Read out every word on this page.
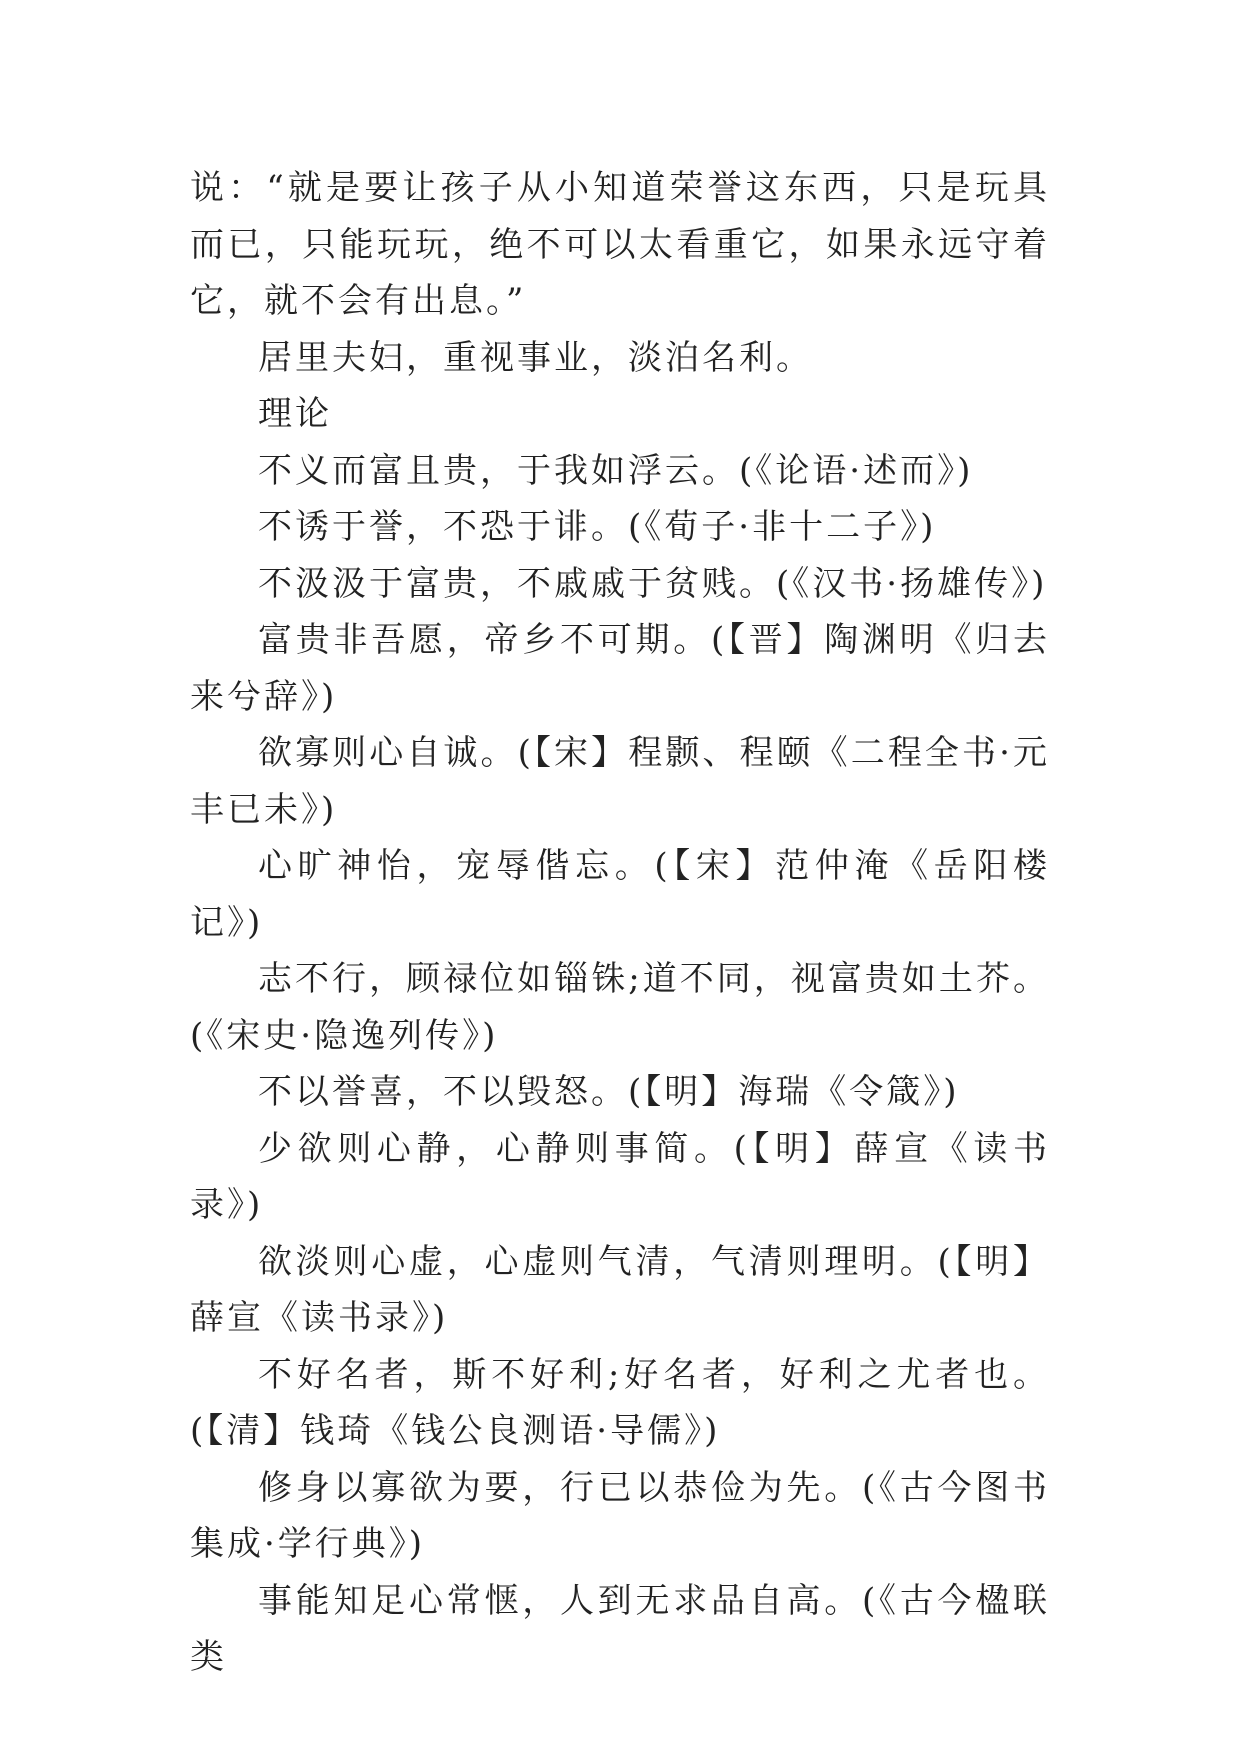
说：“就是要让孩子从小知道荣誉这东西，只是玩具而已，只能玩玩，绝不可以太看重它，如果永远守着它，就不会有出息。”

居里夫妇，重视事业，淡泊名利。

理论

不义而富且贵，于我如浮云。(《论语·述而》)

不诱于誉，不恐于诽。(《荀子·非十二子》)

不汲汲于富贵，不戚戚于贫贱。(《汉书·扬雄传》)

富贵非吾愿，帝乡不可期。(【晋】陶渊明《归去来兮辞》)

欲寡则心自诚。(【宋】程颢、程颐《二程全书·元丰已未》)

心旷神怡，宠辱偕忘。(【宋】范仲淹《岳阳楼记》)

志不行，顾禄位如锱铢;道不同，视富贵如土芥。(《宋史·隐逸列传》)

不以誉喜，不以毁怒。(【明】海瑞《令箴》)

少欲则心静，心静则事简。(【明】薛宣《读书录》)

欲淡则心虚，心虚则气清，气清则理明。(【明】薛宣《读书录》)

不好名者，斯不好利;好名者，好利之尤者也。(【清】钱琦《钱公良测语·导儒》)

修身以寡欲为要，行已以恭俭为先。(《古今图书集成·学行典》)

事能知足心常惬，人到无求品自高。(《古今楹联类
